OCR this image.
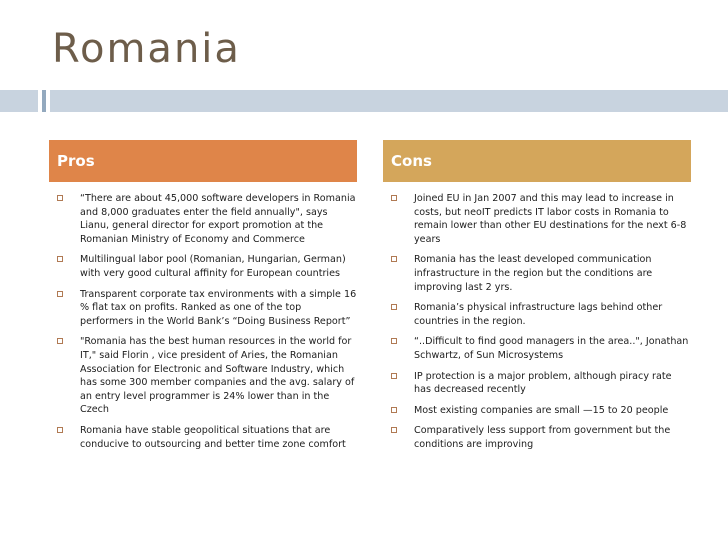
Romania
Pros	Cons
“There are about 45,000 software developers in Romania and 8,000 graduates enter the field annually", says Lianu, general director for export promotion at the Romanian Ministry of Economy and Commerce
Multilingual labor pool (Romanian, Hungarian, German) with very good cultural affinity for European countries
Transparent corporate tax environments with a simple 16 % flat tax on profits. Ranked as one of the top performers in the World Bank’s “Doing Business Report”
"Romania has the best human resources in the world for IT," said Florin , vice president of Aries, the Romanian Association for Electronic and Software Industry, which has some 300 member companies and the avg. salary of an entry level programmer is 24% lower than in the Czech
Romania have stable geopolitical situations that are conducive to outsourcing and better time zone comfort
Joined EU in Jan 2007 and this may lead to increase in costs, but neoIT predicts IT labor costs in Romania to remain lower than other EU destinations for the next 6-8 years
Romania has the least developed communication infrastructure in the region but the conditions are improving last 2 yrs.
Romania’s physical infrastructure lags behind other countries in the region.
“..Difficult to find good managers in the area..", Jonathan Schwartz, of Sun Microsystems
IP protection is a major problem, although piracy rate has decreased recently
Most existing companies are small —15 to 20 people
Comparatively less support from government but the conditions are improving
